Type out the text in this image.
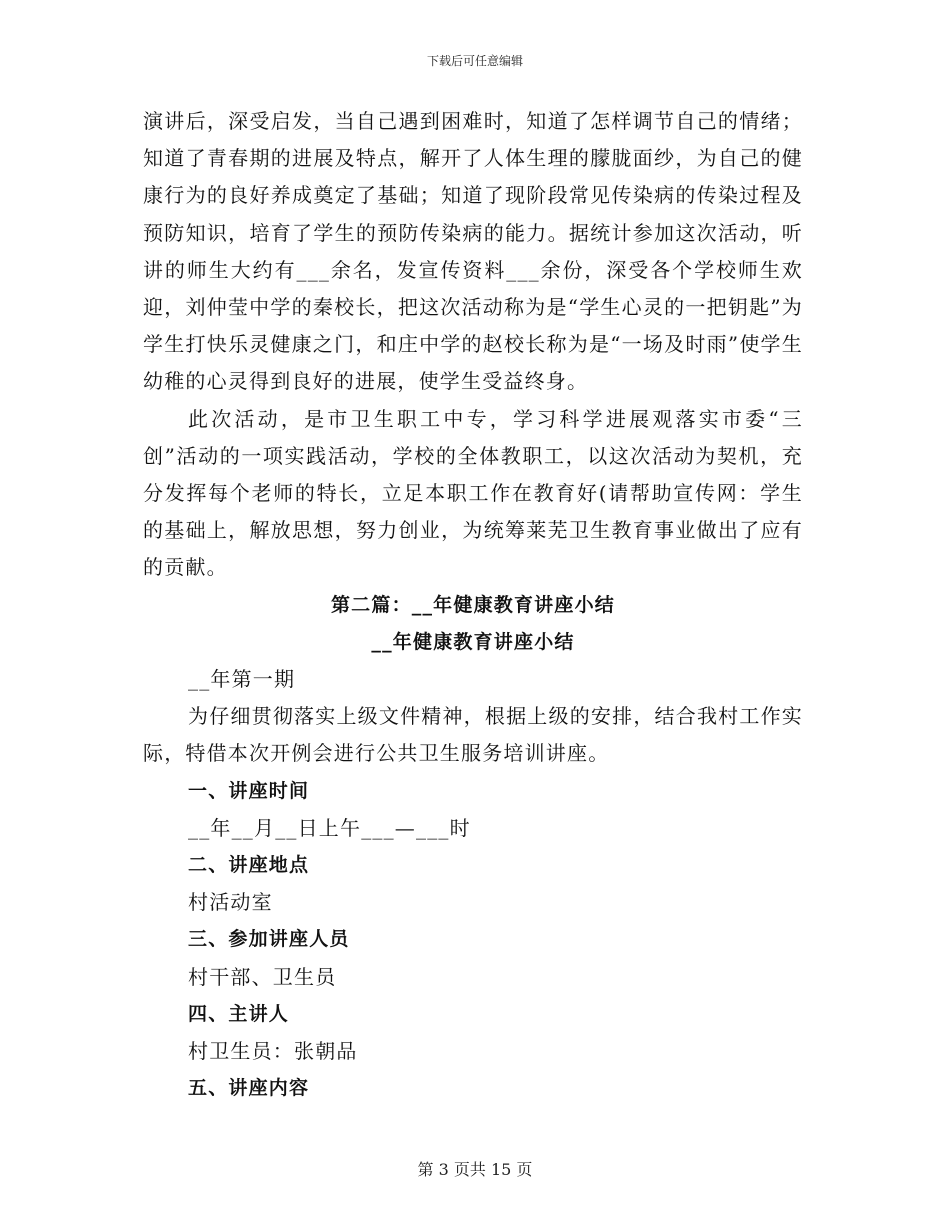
下载后可任意编辑

演讲后，深受启发，当自己遇到困难时，知道了怎样调节自己的情绪；知道了青春期的进展及特点，解开了人体生理的朦胧面纱，为自己的健康行为的良好养成奠定了基础；知道了现阶段常见传染病的传染过程及预防知识，培育了学生的预防传染病的能力。据统计参加这次活动，听讲的师生大约有___余名，发宣传资料___余份，深受各个学校师生欢迎，刘仲莹中学的秦校长，把这次活动称为是“学生心灵的一把钥匙”为学生打快乐灵健康之门，和庄中学的赵校长称为是“一场及时雨”使学生幼稚的心灵得到良好的进展，使学生受益终身。

此次活动，是市卫生职工中专，学习科学进展观落实市委“三创”活动的一项实践活动，学校的全体教职工，以这次活动为契机，充分发挥每个老师的特长，立足本职工作在教育好(请帮助宣传网：学生的基础上，解放思想，努力创业，为统筹莱芜卫生教育事业做出了应有的贡献。

第二篇：__年健康教育讲座小结

__年健康教育讲座小结

__年第一期

为仔细贯彻落实上级文件精神，根据上级的安排，结合我村工作实际，特借本次开例会进行公共卫生服务培训讲座。

一、讲座时间

__年__月__日上午___—___时

二、讲座地点

村活动室

三、参加讲座人员

村干部、卫生员

四、主讲人

村卫生员：张朝品

五、讲座内容

第 3 页共 15 页
